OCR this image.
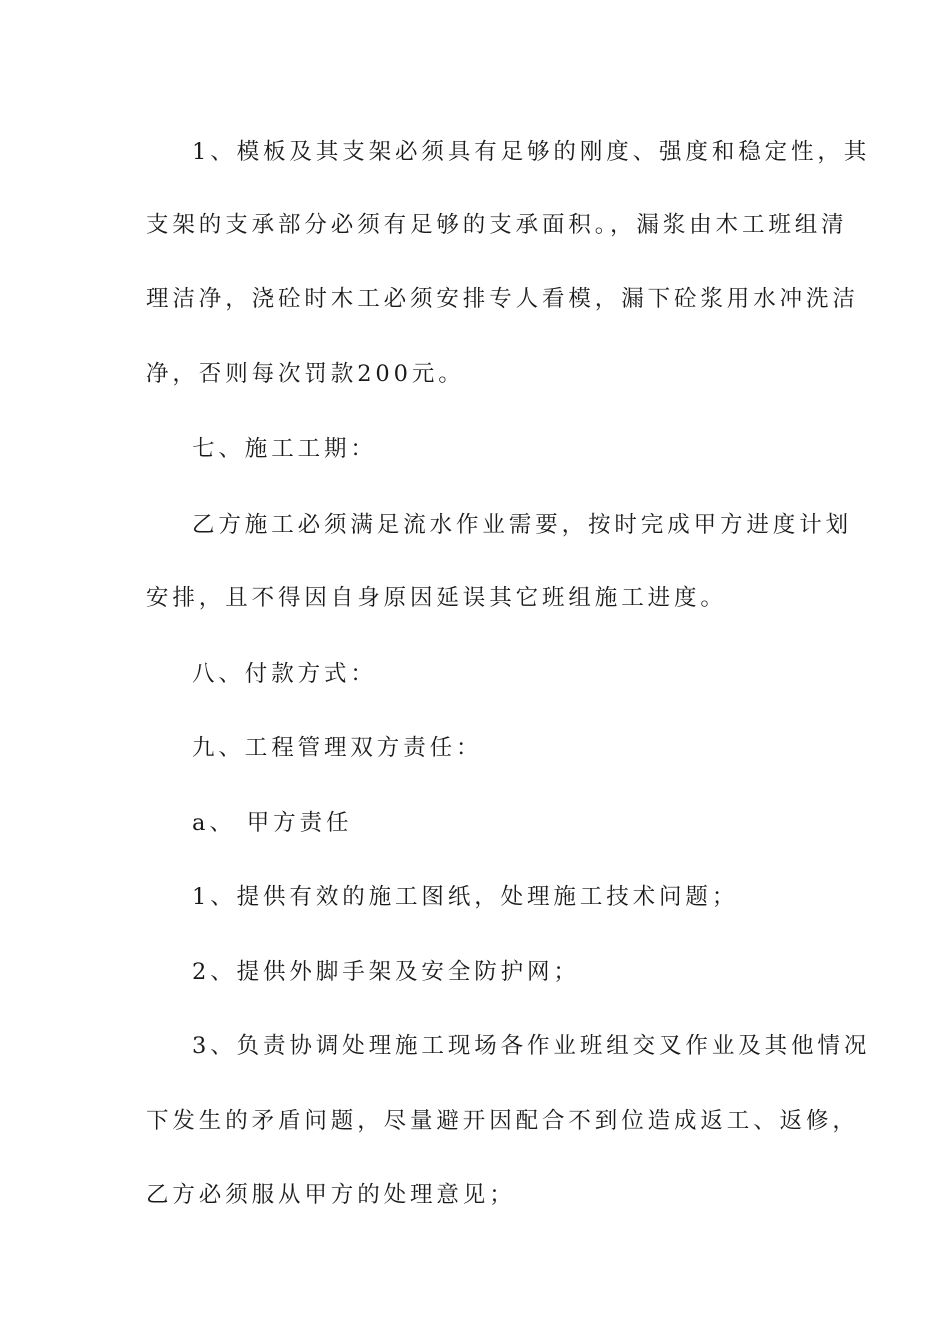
1、模板及其支架必须具有足够的刚度、强度和稳定性，其
支架的支承部分必须有足够的支承面积。，漏浆由木工班组清
理洁净，浇砼时木工必须安排专人看模，漏下砼浆用水冲洗洁
净，否则每次罚款200元。
七、施工工期：
乙方施工必须满足流水作业需要，按时完成甲方进度计划
安排，且不得因自身原因延误其它班组施工进度。
八、付款方式：
九、工程管理双方责任：
a、 甲方责任
1、提供有效的施工图纸，处理施工技术问题；
2、提供外脚手架及安全防护网；
3、负责协调处理施工现场各作业班组交叉作业及其他情况
下发生的矛盾问题，尽量避开因配合不到位造成返工、返修，
乙方必须服从甲方的处理意见；
